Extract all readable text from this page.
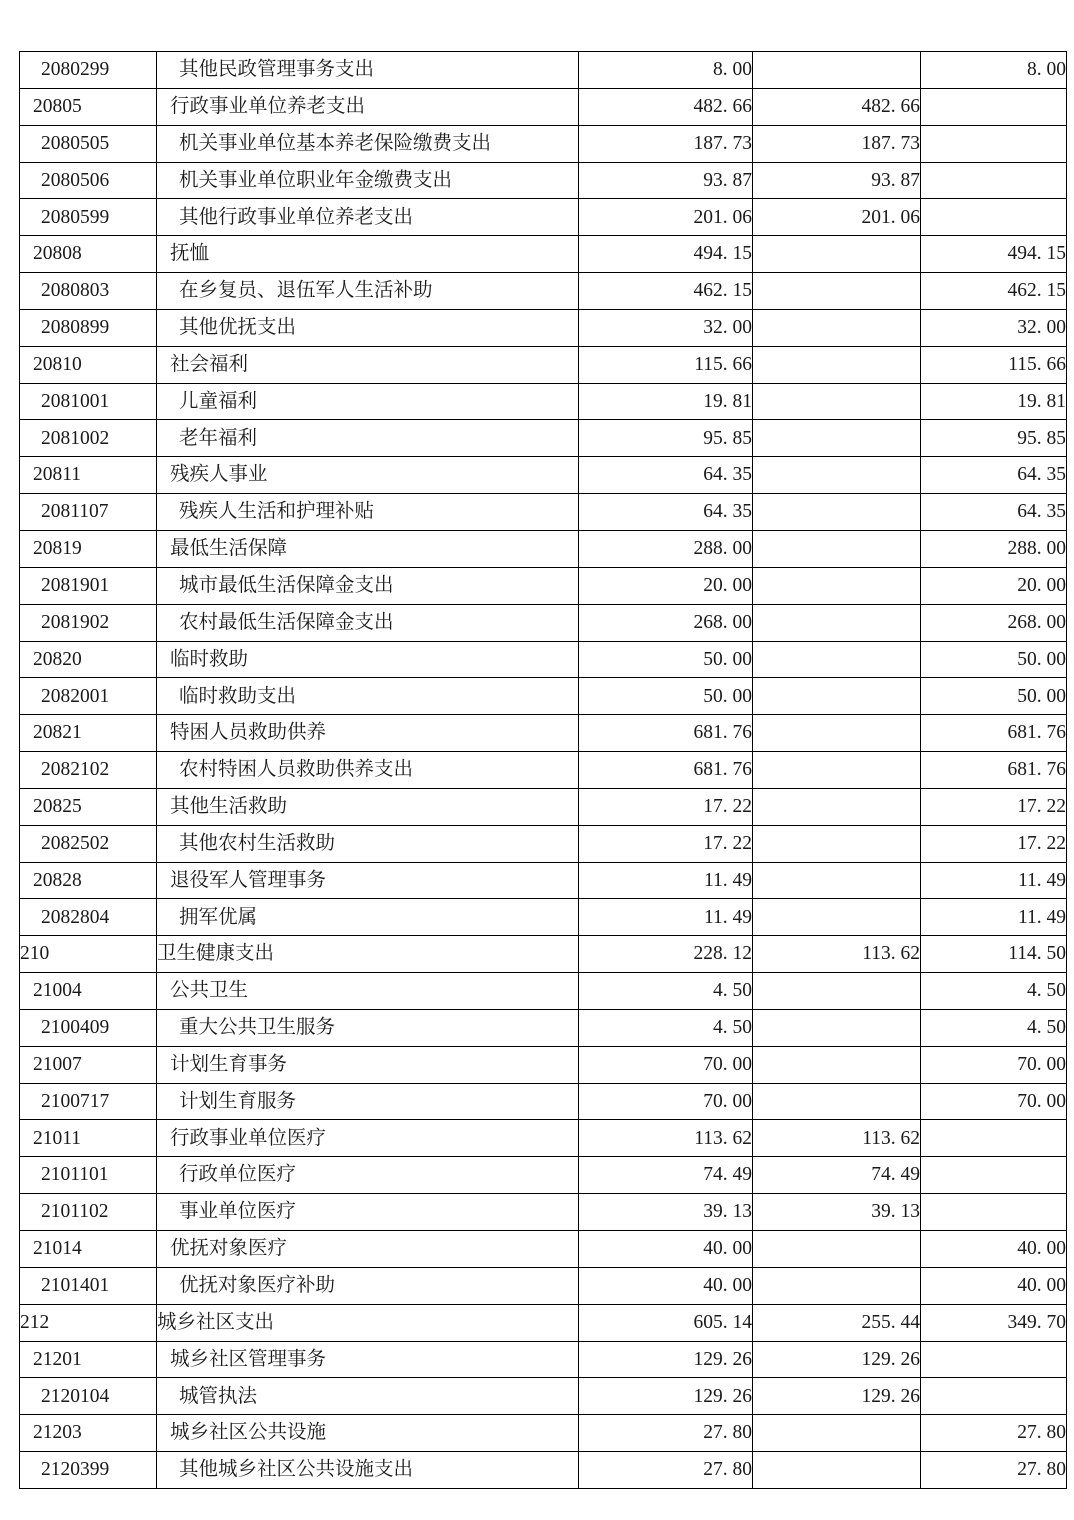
2080299	其他民政管理事务支出	8. 00		8. 00
20805	行政事业单位养老支出	482. 66	482. 66	
2080505	机关事业单位基本养老保险缴费支出	187. 73	187. 73	
2080506	机关事业单位职业年金缴费支出	93. 87	93. 87	
2080599	其他行政事业单位养老支出	201. 06	201. 06	
20808	抚恤	494. 15		494. 15
2080803	在乡复员、退伍军人生活补助	462. 15		462. 15
2080899	其他优抚支出	32. 00		32. 00
20810	社会福利	115. 66		115. 66
2081001	儿童福利	19. 81		19. 81
2081002	老年福利	95. 85		95. 85
20811	残疾人事业	64. 35		64. 35
2081107	残疾人生活和护理补贴	64. 35		64. 35
20819	最低生活保障	288. 00		288. 00
2081901	城市最低生活保障金支出	20. 00		20. 00
2081902	农村最低生活保障金支出	268. 00		268. 00
20820	临时救助	50. 00		50. 00
2082001	临时救助支出	50. 00		50. 00
20821	特困人员救助供养	681. 76		681. 76
2082102	农村特困人员救助供养支出	681. 76		681. 76
20825	其他生活救助	17. 22		17. 22
2082502	其他农村生活救助	17. 22		17. 22
20828	退役军人管理事务	11. 49		11. 49
2082804	拥军优属	11. 49		11. 49
210	卫生健康支出	228. 12	113. 62	114. 50
21004	公共卫生	4. 50		4. 50
2100409	重大公共卫生服务	4. 50		4. 50
21007	计划生育事务	70. 00		70. 00
2100717	计划生育服务	70. 00		70. 00
21011	行政事业单位医疗	113. 62	113. 62	
2101101	行政单位医疗	74. 49	74. 49	
2101102	事业单位医疗	39. 13	39. 13	
21014	优抚对象医疗	40. 00		40. 00
2101401	优抚对象医疗补助	40. 00		40. 00
212	城乡社区支出	605. 14	255. 44	349. 70
21201	城乡社区管理事务	129. 26	129. 26	
2120104	城管执法	129. 26	129. 26	
21203	城乡社区公共设施	27. 80		27. 80
2120399	其他城乡社区公共设施支出	27. 80		27. 80
